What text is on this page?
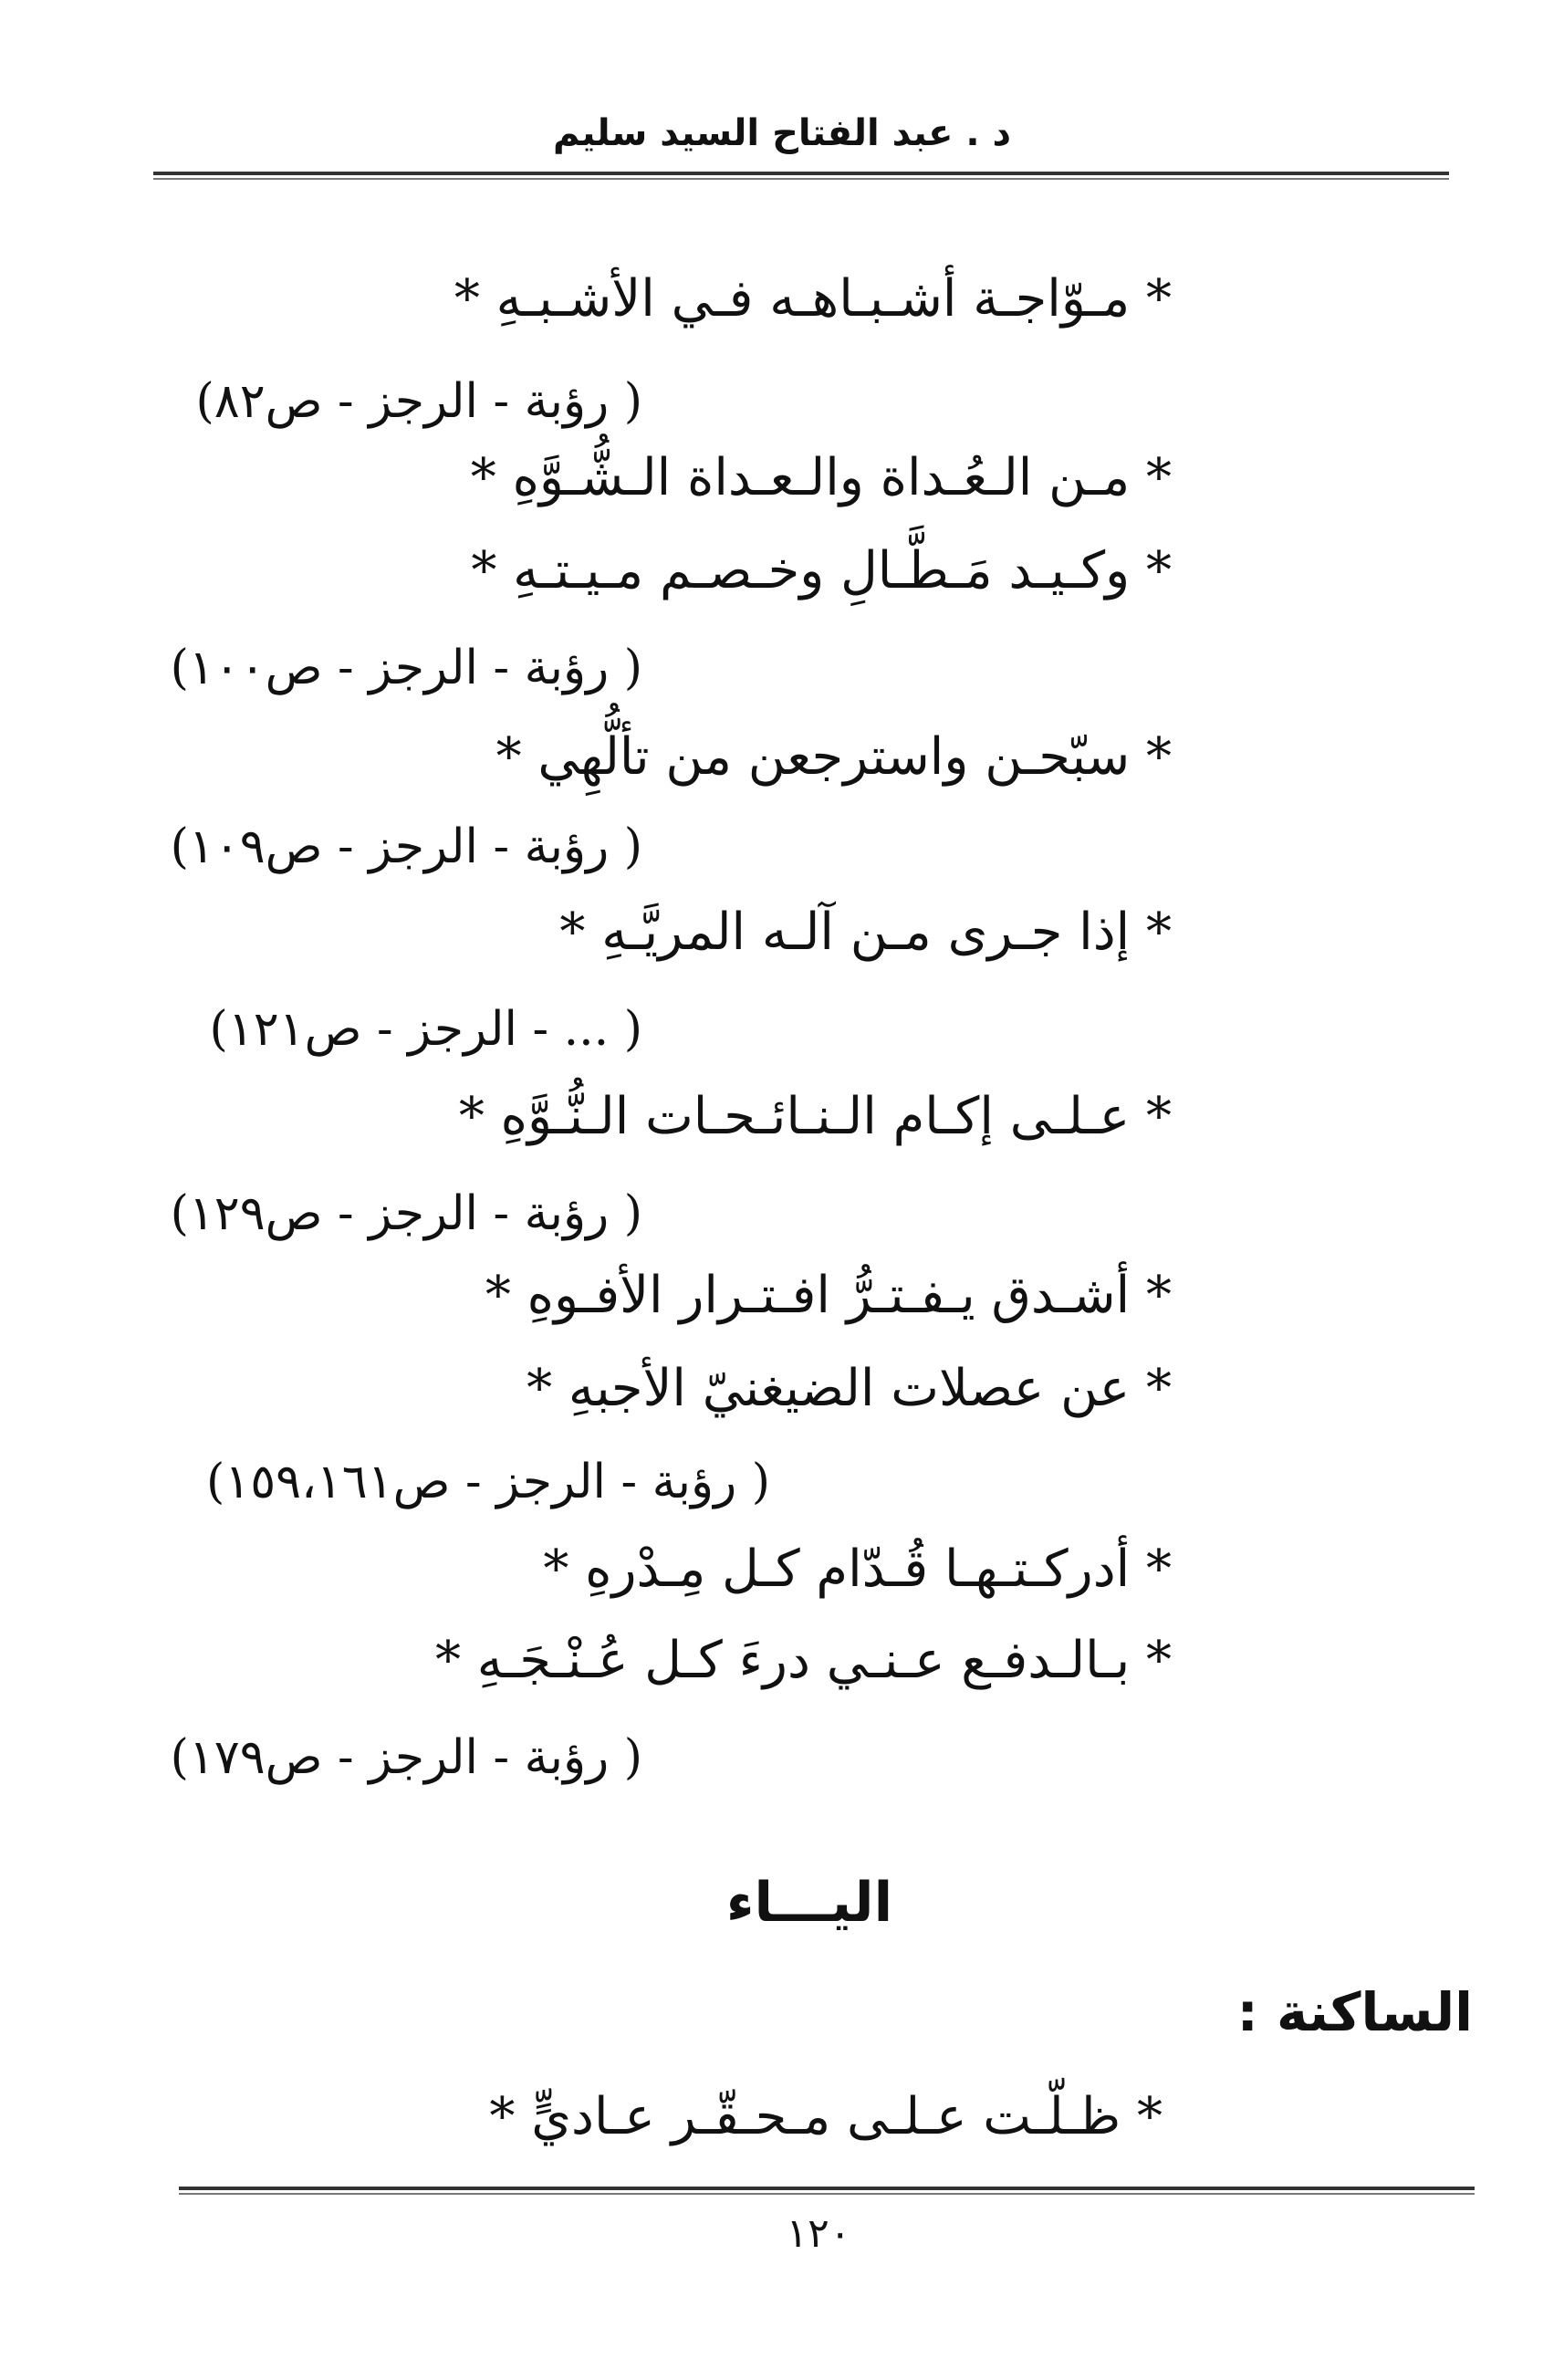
د . عبد الفتاح السيد سليم
* مـوّاجـة أشـبـاهـه فـي الأشـبـهِ *
( رؤبة - الرجز - ص٨٢)
* مـن الـعُـداة والـعـداة الـشُّـوَّهِ *
* وكـيـد مَـطَّـالِ وخـصـم مـيـتـهِ *
( رؤبة - الرجز - ص١٠٠)
* سبّحـن واسترجعن من تألُّهِي *
( رؤبة - الرجز - ص١٠٩)
* إذا جـرى مـن آلـه المريَّـهِ *
( ... - الرجز - ص١٢١)
* عـلـى إكـام الـنـائـحـات الـنُّـوَّهِ *
( رؤبة - الرجز - ص١٢٩)
* أشـدق يـفـتـرُّ افـتـرار الأفـوهِ *
* عن عصلات الضيغنيّ الأجبهِ *
( رؤبة - الرجز - ص١٥٩،١٦١)
* أدركـتـهـا قُـدّام كـل مِـدْرهِ *
* بـالـدفـع عـنـي درءَ كـل عُـنْـجَـهِ *
( رؤبة - الرجز - ص١٧٩)
اليـــاء
الساكنة :
* ظـلّـت عـلـى مـحـقّـر عـاديٍّ *
١٢٠
